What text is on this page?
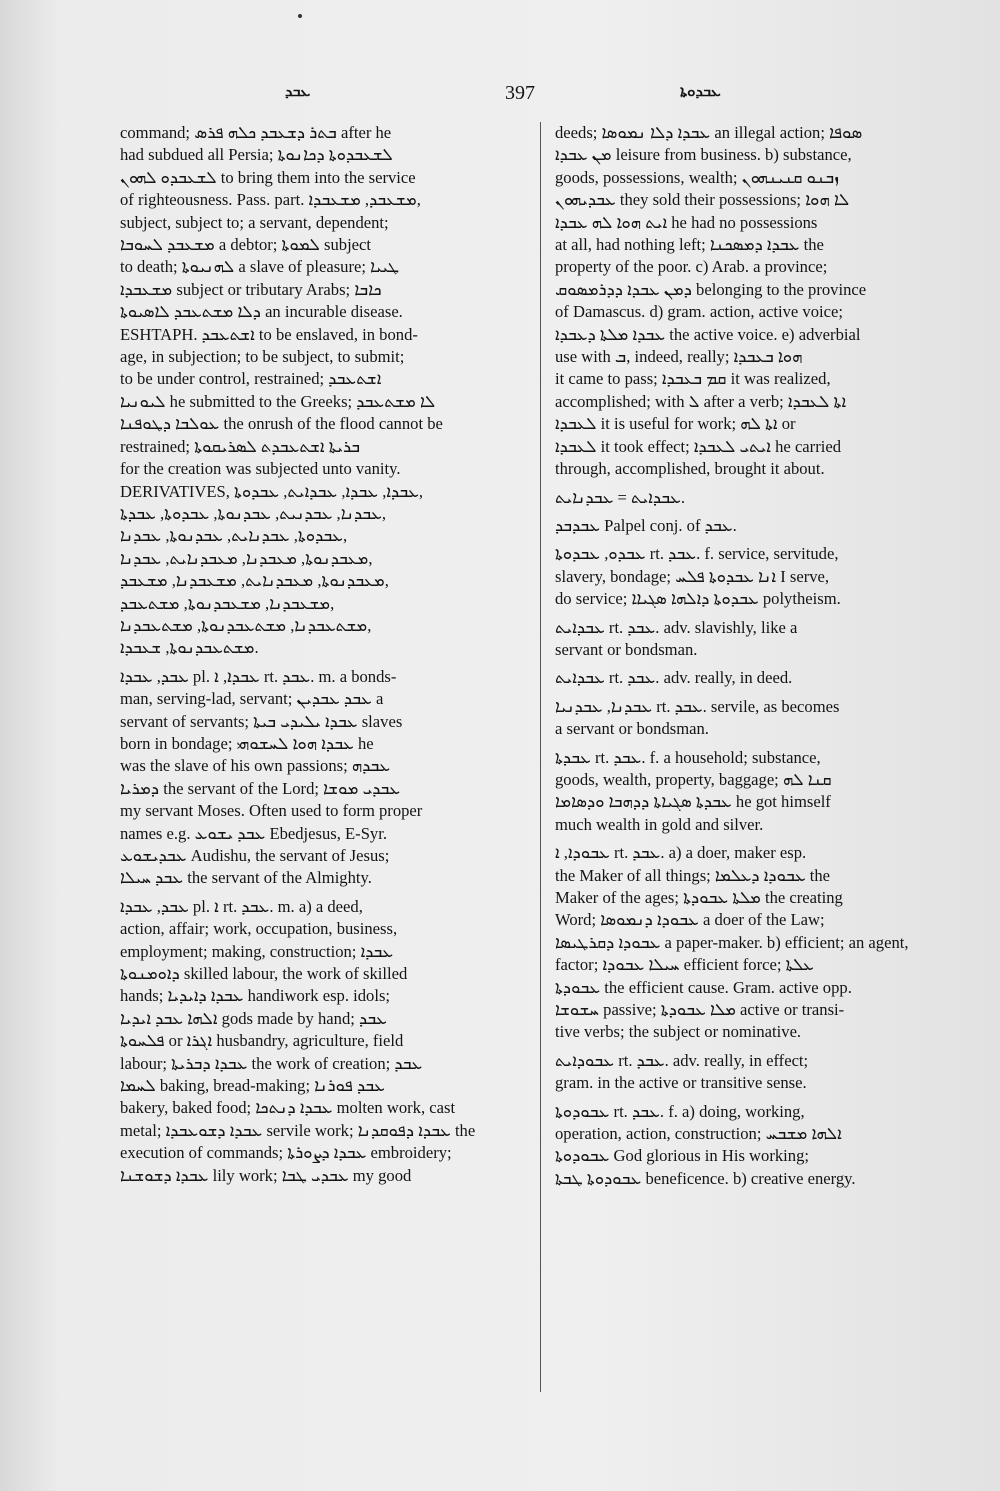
ܥܒܕ	397	ܥܒܕܘܬܐ

command; ܒܬܪ ܕܫܥܒܕ ܟܠܗ ܦܪܣ after he
had subdued all Persia; ܠܫܥܒܕܘܬܐ ܕܟܐܢܘܬܐ
ܠܫܥܒܕܘ ܠܗܘܢ to bring them into the service
of righteousness. Pass. part. ܡܫܥܒܕ, ܡܫܥܒܕܐ,
subject, subject to; a servant, dependent;
ܡܫܥܒܕ ܠܚܘܒܐ a debtor; ܠܡܘܬܐ subject
to death; ܠܗܢܝܘܬܐ a slave of pleasure; ܛܝܝܐ
ܡܫܥܒܕܐ subject or tributary Arabs; ܟܐܒܐ
ܕܠܐ ܡܫܬܥܒܕ ܠܐܣܝܘܬܐ an incurable disease.
ESHTAPH. ܐܫܬܥܒܕ to be enslaved, in bond-
age, in subjection; to be subject, to submit;
to be under control, restrained; ܐܫܬܥܒܕ
ܠܝܘܢܝܐ he submitted to the Greeks; ܠܐ ܡܫܬܥܒܕ
ܥܘܠܒܐ ܕܛܘܦܢܐ the onrush of the flood cannot be
restrained; ܒܪܝܬܐ ܐܫܬܥܒܕܬ ܠܣܪܝܩܘܬܐ
for the creation was subjected unto vanity.
DERIVATIVES, ܥܒܕܐ, ܥܒܕܐ, ܥܒܕܐܝܬ, ܥܒܕܘܬܐ,
ܥܒܕܢܐ, ܥܒܕܢܝܬ, ܥܒܕܢܘܬܐ, ܥܒܕܘܬܐ, ܥܒܕܬܐ,
ܥܒܕܘܬܐ, ܥܒܕܢܐܝܬ, ܥܒܕܢܘܬܐ, ܥܒܕܢܐ,
ܡܥܒܕܢܘܬܐ, ܡܥܒܕܢܐ, ܡܥܒܕܢܐܝܬ, ܥܒܕܢܐ,
ܡܥܒܕܢܘܬܐ, ܡܥܒܕܢܐܝܬ, ܡܫܥܒܕܢܐ, ܡܫܥܒܕ,
ܡܫܥܒܕܢܐ, ܡܫܥܒܕܢܘܬܐ, ܡܫܬܥܒܕ,
ܡܫܬܥܒܕܢܐ, ܡܫܬܥܒܕܢܘܬܐ, ܡܫܬܥܒܕܢܐ,
ܡܫܬܥܒܕܢܘܬܐ, ܫܥܒܕܐ.

ܥܒܕ, ܥܒܕܐ pl. ܥܒܕܐ, ܐ rt. ܥܒܕ. m. a bonds-
man, serving-lad, servant; ܥܒܕ ܥܒܕܝܢ a
servant of servants; ܥܒܕܐ ܝܠܝܕܝ ܒܝܬܐ slaves
born in bondage; ܥܒܕܐ ܗܘܐ ܠܚܫܘܗܝ he
was the slave of his own passions; ܥܒܕܗ
ܕܡܪܝܐ the servant of the Lord; ܥܒܕܝ ܡܘܫܐ
my servant Moses. Often used to form proper
names e.g. ܥܒܕ ܝܫܘܥ Ebedjesus, E-Syr.
ܥܒܕܝܫܘܥ Audishu, the servant of Jesus;
ܥܒܕ ܚܝܠܐ the servant of the Almighty.

ܥܒܕ, ܥܒܕܐ pl. ܐ rt. ܥܒܕ. m. a) a deed,
action, affair; work, occupation, business,
employment; making, construction; ܥܒܕܐ
ܕܐܘܡܢܘܬܐ skilled labour, the work of skilled
hands; ܥܒܕܐ ܕܐܝܕܝܐ handiwork esp. idols;
ܐܠܗܐ ܥܒܕ ܐܝܕܝܐ gods made by hand; ܥܒܕ
ܦܠܚܘܬܐ or ܐܓܪܐ husbandry, agriculture, field
labour; ܥܒܕܐ ܕܒܪܝܬܐ the work of creation; ܥܒܕ
ܠܚܡܐ baking, bread-making; ܥܒܕ ܦܘܪܢܐ
bakery, baked food; ܥܒܕܐ ܕܢܬܟܐ molten work, cast
metal; ܥܒܕܐ ܕܫܘܥܒܕܐ servile work; ܥܒܕܐ ܕܦܘܩܕܢܐ the
execution of commands; ܥܒܕܐ ܕܨܘܪܬܐ embroidery;
ܥܒܕܐ ܕܫܘܫܢܐ lily work; ܥܒܕܝ ܛܒܐ my good

deeds; ܥܒܕܐ ܕܠܐ ܢܡܘܣܐ an illegal action; ܣܘܦܐ
ܡܢ ܥܒܕܐ leisure from business. b) substance,
goods, possessions, wealth; ܙܒܢܘ ܩܢܝܢܗܘܢ
ܥܒܕܝܗܘܢ they sold their possessions; ܠܐ ܗܘܐ
ܐܝܬ ܗܘܐ ܠܗ ܥܒܕܐ he had no possessions
at all, had nothing left; ܥܒܕܐ ܕܡܣܟܢܐ the
property of the poor. c) Arab. a province;
ܕܡܢ ܥܒܕܐ ܕܕܪܡܣܘܩ belonging to the province
of Damascus. d) gram. action, active voice;
ܥܒܕܐ ܡܠܬܐ ܕܥܒܕܐ the active voice. e) adverbial
use with ܒ, indeed, really; ܗܘܐ ܒܥܒܕܐ
it came to pass; ܩܡ ܒܥܒܕܐ it was realized,
accomplished; with ܠ after a verb; ܐܬܐ ܠܥܒܕܐ
ܠܥܒܕܐ it is useful for work; ܐܬܐ ܠܗ or
ܠܥܒܕܐ it took effect; ܐܝܬܝ ܠܥܒܕܐ he carried
through, accomplished, brought it about.

ܥܒܕܐܝܬ = ܥܒܕܢܐܝܬ.

ܥܒܕܒܕ Palpel conj. of ܥܒܕ.

ܥܒܕܘ, ܥܒܕܘܬܐ rt. ܥܒܕ. f. service, servitude,
slavery, bondage; ܐܢܐ ܥܒܕܘܬܐ ܦܠܚ I serve,
do service; ܥܒܕܘܬܐ ܕܐܠܗܐ ܣܓܝܐܐ polytheism.

ܥܒܕܐܝܬ rt. ܥܒܕ. adv. slavishly, like a
servant or bondsman.

ܥܒܕܐܝܬ rt. ܥܒܕ. adv. really, in deed.

ܥܒܕܢܐ, ܥܒܕܢܝܐ rt. ܥܒܕ. servile, as becomes
a servant or bondsman.

ܥܒܕܬܐ rt. ܥܒܕ. f. a household; substance,
goods, wealth, property, baggage; ܩܢܐ ܠܗ
ܥܒܕܬܐ ܣܓܝܐܬܐ ܕܕܗܒܐ ܘܕܣܐܡܐ he got himself
much wealth in gold and silver.

ܥܒܘܕܐ, ܐ rt. ܥܒܕ. a) a doer, maker esp.
the Maker of all things; ܥܒܘܕܐ ܕܥܠܡܐ the
Maker of the ages; ܡܠܬܐ ܥܒܘܕܬܐ the creating
Word; ܥܒܘܕܐ ܕܢܡܘܣܐ a doer of the Law;
ܥܒܘܕܐ ܕܩܪܛܝܣܐ a paper-maker. b) efficient; an agent,
factor; ܚܝܠܐ ܥܒܘܕܐ efficient force; ܥܠܬܐ
ܥܒܘܕܬܐ the efficient cause. Gram. active opp.
ܚܫܘܫܐ passive; ܡܠܐ ܥܒܘܕܬܐ active or transi-
tive verbs; the subject or nominative.

ܥܒܘܕܐܝܬ rt. ܥܒܕ. adv. really, in effect;
gram. in the active or transitive sense.

ܥܒܘܕܘܬܐ rt. ܥܒܕ. f. a) doing, working,
operation, action, construction; ܐܠܗܐ ܡܫܒܚ
ܥܒܘܕܘܬܐ God glorious in His working;
ܥܒܘܕܘܬܐ ܛܒܬܐ beneficence. b) creative energy.
